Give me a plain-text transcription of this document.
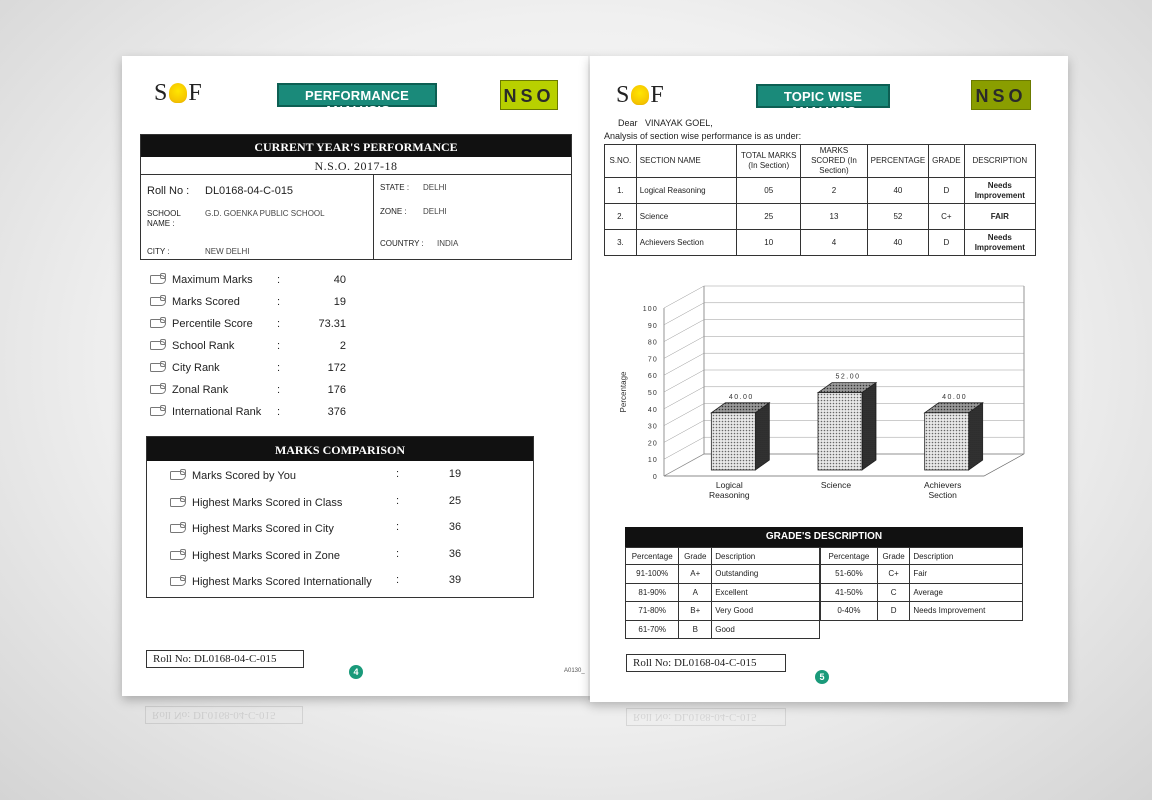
S F	PERFORMANCE ANALYSIS
NSO
CURRENT YEAR'S PERFORMANCE
N.S.O. 2017-18
Roll No : DL0168-04-C-015
SCHOOL NAME :
G.D. GOENKA PUBLIC SCHOOL
CITY :	NEW DELHI
STATE : DELHI
ZONE : DELHI
COUNTRY : INDIA
Maximum Marks	:	40
Marks Scored	:	19
Percentile Score	:	73.31
School Rank	:	2
City Rank	:	172
Zonal Rank	:	176
International Rank	:	376
MARKS COMPARISON
Marks Scored by You	:	19
Highest Marks Scored in Class	:	25
Highest Marks Scored in City	:	36
Highest Marks Scored in Zone	:	36
Highest Marks Scored Internationally	:	39
Roll No: DL0168-04-C-015
4	A0130_
S F	TOPIC WISE ANALYSIS
NSO
Dear VINAYAK GOEL,
Analysis of section wise performance is as under:
S.NO.	SECTION NAME	TOTAL MARKS (In Section)	MARKS SCORED (In Section)	PERCENTAGE	GRADE	DESCRIPTION
1.	Logical Reasoning	05	2	40	D	Needs Improvement
2.	Science	25	13	52	C+	FAIR
3.	Achievers Section	10	4	40	D	Needs Improvement
0
10
20
30
40
50
60
70
80
90
100
Percentage	40.00
Logical
Reasoning
52.00
Science
40.00
Achievers
Section
GRADE'S DESCRIPTION
Percentage	Grade	Description
91-100%	A+	Outstanding
81-90%	A	Excellent
71-80%	B+	Very Good
61-70%	B	Good
Percentage	Grade	Description
51-60%	C+	Fair
41-50%	C	Average
0-40%	D	Needs Improvement
Roll No: DL0168-04-C-015
5
Roll No: DL0168-04-C-015	Roll No: DL0168-04-C-015
